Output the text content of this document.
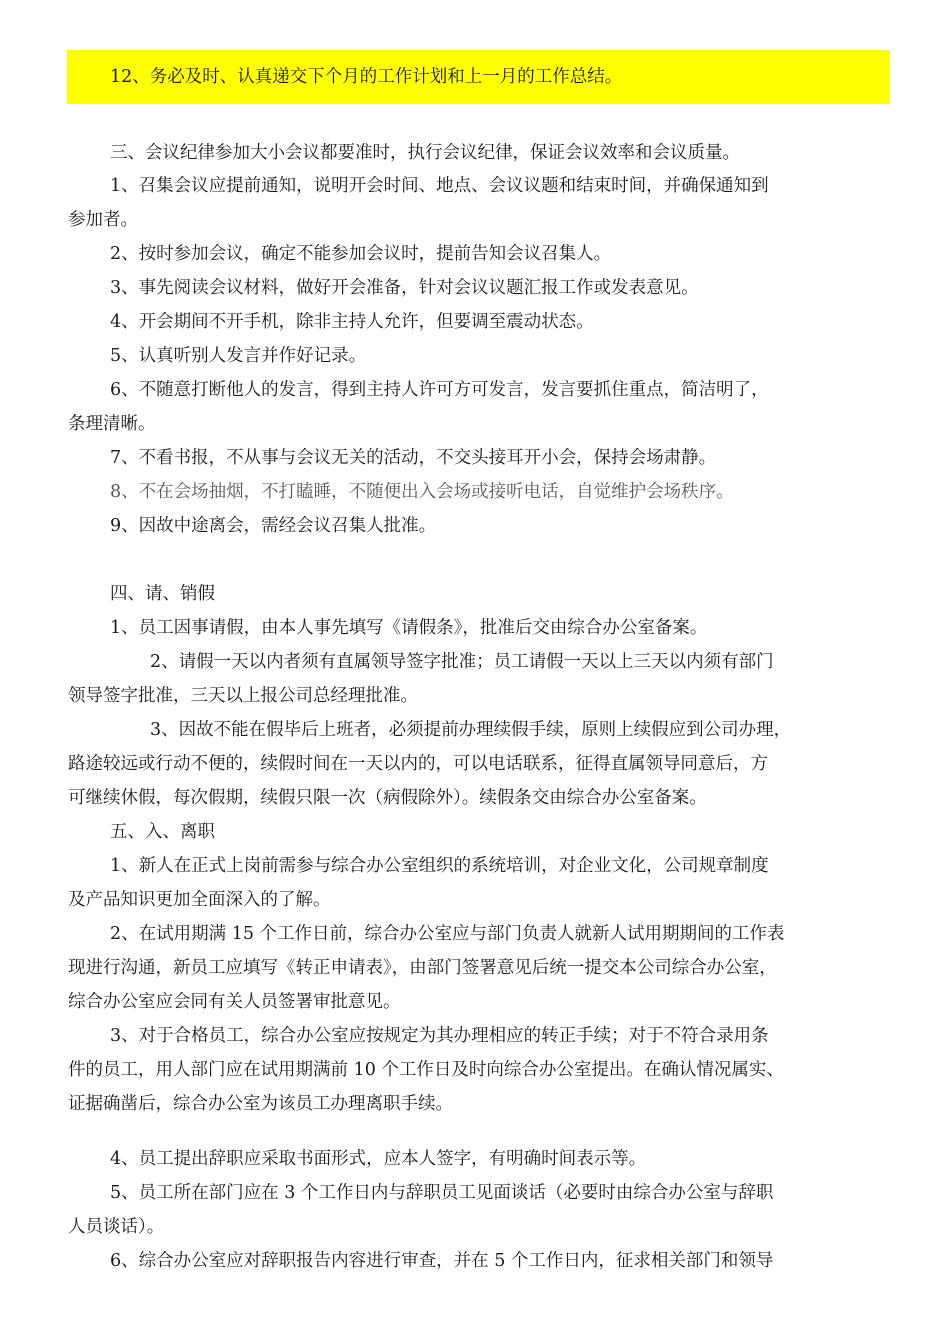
12、务必及时、认真递交下个月的工作计划和上一月的工作总结。
三、会议纪律参加大小会议都要准时，执行会议纪律，保证会议效率和会议质量。
1、召集会议应提前通知，说明开会时间、地点、会议议题和结束时间，并确保通知到
参加者。
2、按时参加会议，确定不能参加会议时，提前告知会议召集人。
3、事先阅读会议材料，做好开会准备，针对会议议题汇报工作或发表意见。
4、开会期间不开手机，除非主持人允许，但要调至震动状态。
5、认真听别人发言并作好记录。
6、不随意打断他人的发言，得到主持人许可方可发言，发言要抓住重点，简洁明了，
条理清晰。
7、不看书报，不从事与会议无关的活动，不交头接耳开小会，保持会场肃静。
8、不在会场抽烟，不打瞌睡，不随便出入会场或接听电话，自觉维护会场秩序。
9、因故中途离会，需经会议召集人批准。
四、请、销假
1、员工因事请假，由本人事先填写《请假条》，批准后交由综合办公室备案。
2、请假一天以内者须有直属领导签字批准；员工请假一天以上三天以内须有部门
领导签字批准，三天以上报公司总经理批准。
3、因故不能在假毕后上班者，必须提前办理续假手续，原则上续假应到公司办理，
路途较远或行动不便的，续假时间在一天以内的，可以电话联系，征得直属领导同意后，方
可继续休假，每次假期，续假只限一次（病假除外）。续假条交由综合办公室备案。
五、入、离职
1、新人在正式上岗前需参与综合办公室组织的系统培训，对企业文化，公司规章制度
及产品知识更加全面深入的了解。
2、在试用期满 15 个工作日前，综合办公室应与部门负责人就新人试用期期间的工作表
现进行沟通，新员工应填写《转正申请表》，由部门签署意见后统一提交本公司综合办公室，
综合办公室应会同有关人员签署审批意见。
3、对于合格员工，综合办公室应按规定为其办理相应的转正手续；对于不符合录用条
件的员工，用人部门应在试用期满前 10 个工作日及时向综合办公室提出。在确认情况属实、
证据确凿后，综合办公室为该员工办理离职手续。
4、员工提出辞职应采取书面形式，应本人签字，有明确时间表示等。
5、员工所在部门应在 3 个工作日内与辞职员工见面谈话（必要时由综合办公室与辞职
人员谈话）。
6、综合办公室应对辞职报告内容进行审查，并在 5 个工作日内，征求相关部门和领导
